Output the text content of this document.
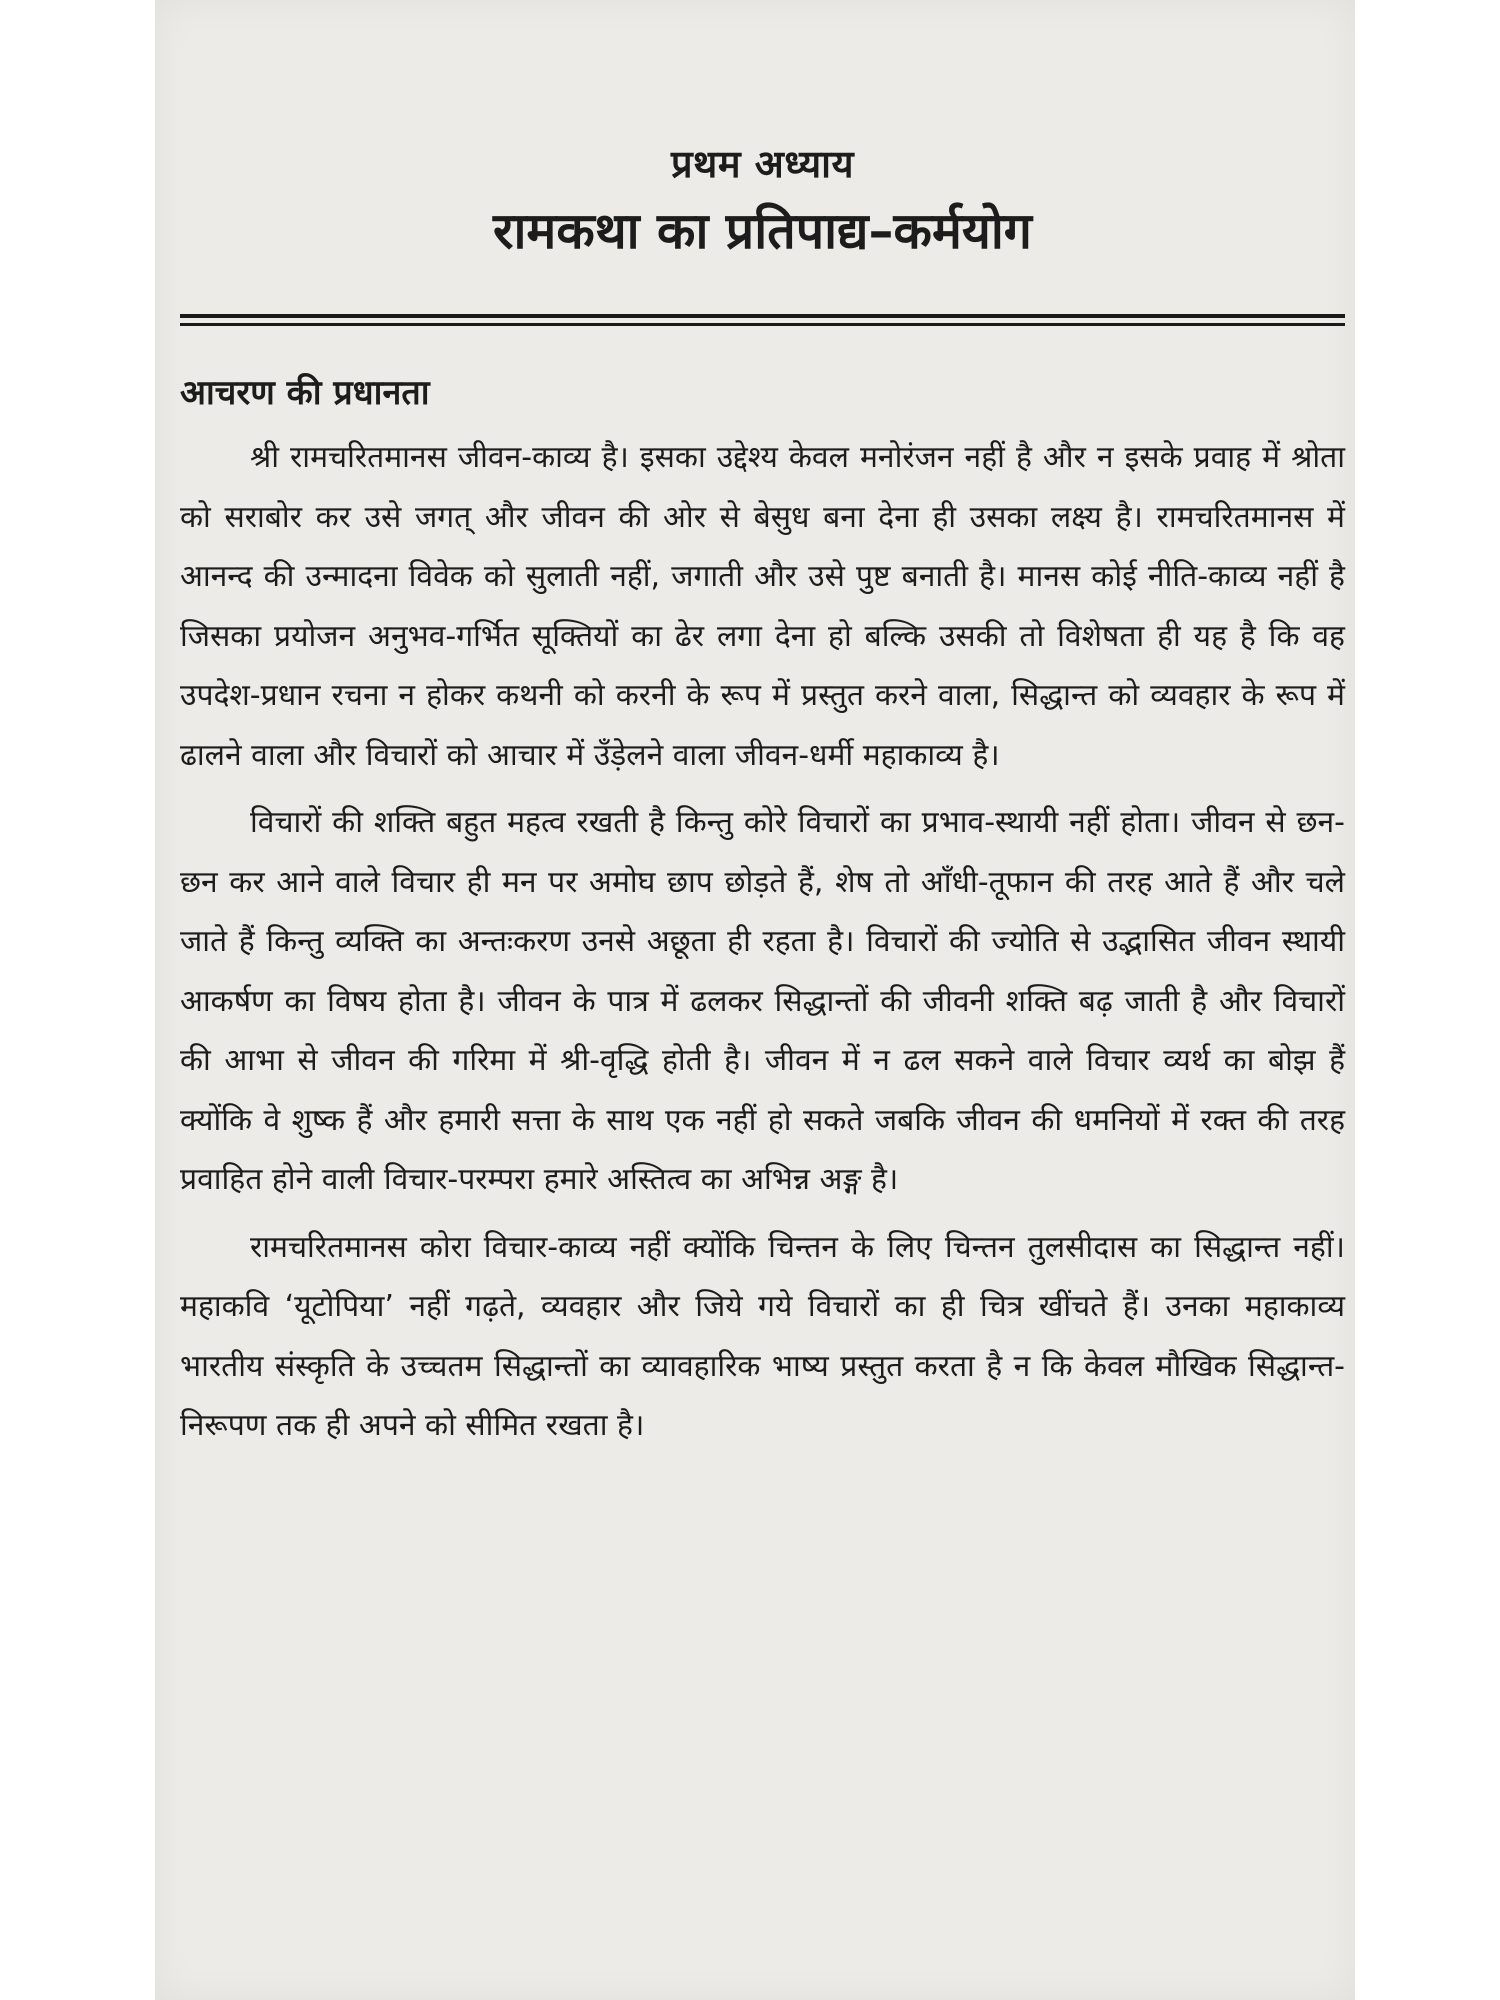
प्रथम अध्याय
रामकथा का प्रतिपाद्य–कर्मयोग
आचरण की प्रधानता

श्री रामचरितमानस जीवन-काव्य है। इसका उद्देश्य केवल मनोरंजन नहीं है और न इसके प्रवाह में श्रोता को सराबोर कर उसे जगत् और जीवन की ओर से बेसुध बना देना ही उसका लक्ष्य है। रामचरितमानस में आनन्द की उन्मादना विवेक को सुलाती नहीं, जगाती और उसे पुष्ट बनाती है। मानस कोई नीति-काव्य नहीं है जिसका प्रयोजन अनुभव-गर्भित सूक्तियों का ढेर लगा देना हो बल्कि उसकी तो विशेषता ही यह है कि वह उपदेश-प्रधान रचना न होकर कथनी को करनी के रूप में प्रस्तुत करने वाला, सिद्धान्त को व्यवहार के रूप में ढालने वाला और विचारों को आचार में उँड़ेलने वाला जीवन-धर्मी महाकाव्य है।

विचारों की शक्ति बहुत महत्व रखती है किन्तु कोरे विचारों का प्रभाव-स्थायी नहीं होता। जीवन से छन-छन कर आने वाले विचार ही मन पर अमोघ छाप छोड़ते हैं, शेष तो आँधी-तूफान की तरह आते हैं और चले जाते हैं किन्तु व्यक्ति का अन्तःकरण उनसे अछूता ही रहता है। विचारों की ज्योति से उद्भासित जीवन स्थायी आकर्षण का विषय होता है। जीवन के पात्र में ढलकर सिद्धान्तों की जीवनी शक्ति बढ़ जाती है और विचारों की आभा से जीवन की गरिमा में श्री-वृद्धि होती है। जीवन में न ढल सकने वाले विचार व्यर्थ का बोझ हैं क्योंकि वे शुष्क हैं और हमारी सत्ता के साथ एक नहीं हो सकते जबकि जीवन की धमनियों में रक्त की तरह प्रवाहित होने वाली विचार-परम्परा हमारे अस्तित्व का अभिन्न अङ्ग है।

रामचरितमानस कोरा विचार-काव्य नहीं क्योंकि चिन्तन के लिए चिन्तन तुलसीदास का सिद्धान्त नहीं। महाकवि ‘यूटोपिया’ नहीं गढ़ते, व्यवहार और जिये गये विचारों का ही चित्र खींचते हैं। उनका महाकाव्य भारतीय संस्कृति के उच्चतम सिद्धान्तों का व्यावहारिक भाष्य प्रस्तुत करता है न कि केवल मौखिक सिद्धान्त-निरूपण तक ही अपने को सीमित रखता है।
